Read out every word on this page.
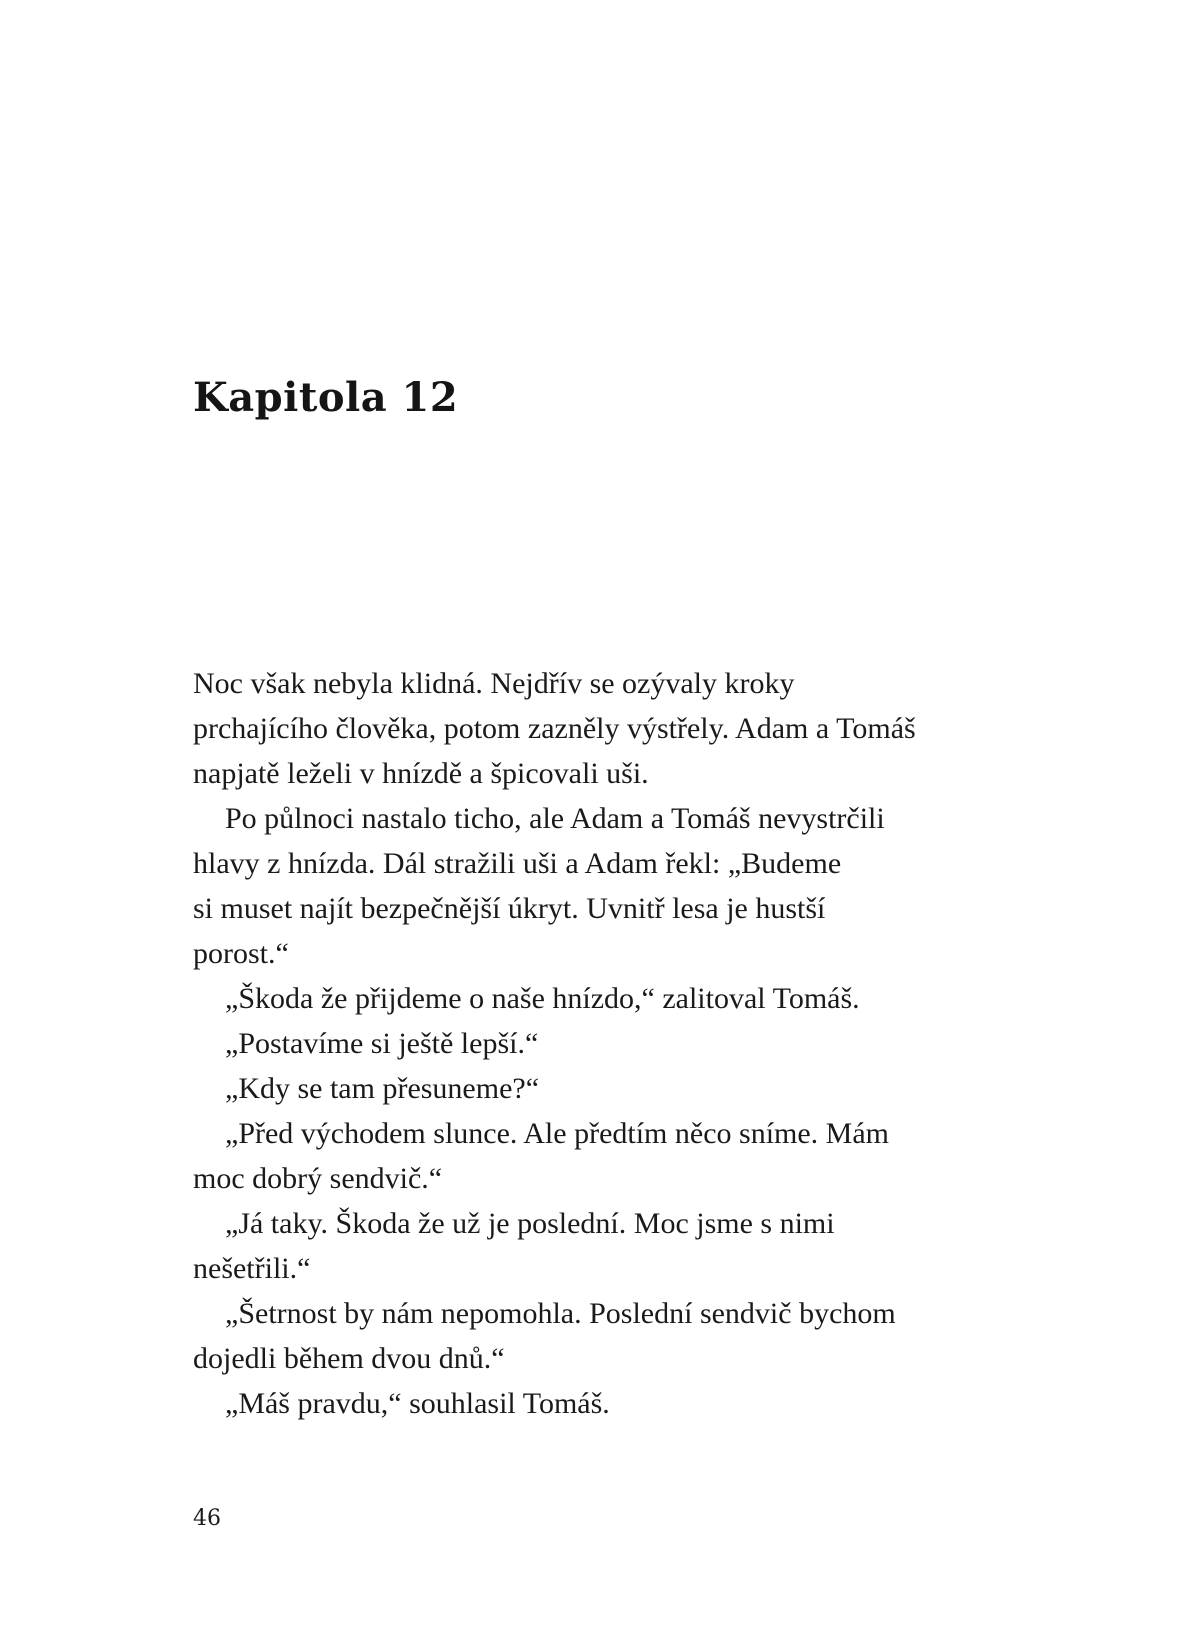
Kapitola 12

Noc však nebyla klidná. Nejdřív se ozývaly kroky

prchajícího člověka, potom zazněly výstřely. Adam a Tomáš

napjatě leželi v hnízdě a špicovali uši.

Po půlnoci nastalo ticho, ale Adam a Tomáš nevystrčili

hlavy z hnízda. Dál stražili uši a Adam řekl: „Budeme

si muset najít bezpečnější úkryt. Uvnitř lesa je hustší

porost.“

„Škoda že přijdeme o naše hnízdo,“ zalitoval Tomáš.

„Postavíme si ještě lepší.“

„Kdy se tam přesuneme?“

„Před východem slunce. Ale předtím něco sníme. Mám

moc dobrý sendvič.“

„Já taky. Škoda že už je poslední. Moc jsme s nimi

nešetřili.“

„Šetrnost by nám nepomohla. Poslední sendvič bychom

dojedli během dvou dnů.“

„Máš pravdu,“ souhlasil Tomáš.

46
